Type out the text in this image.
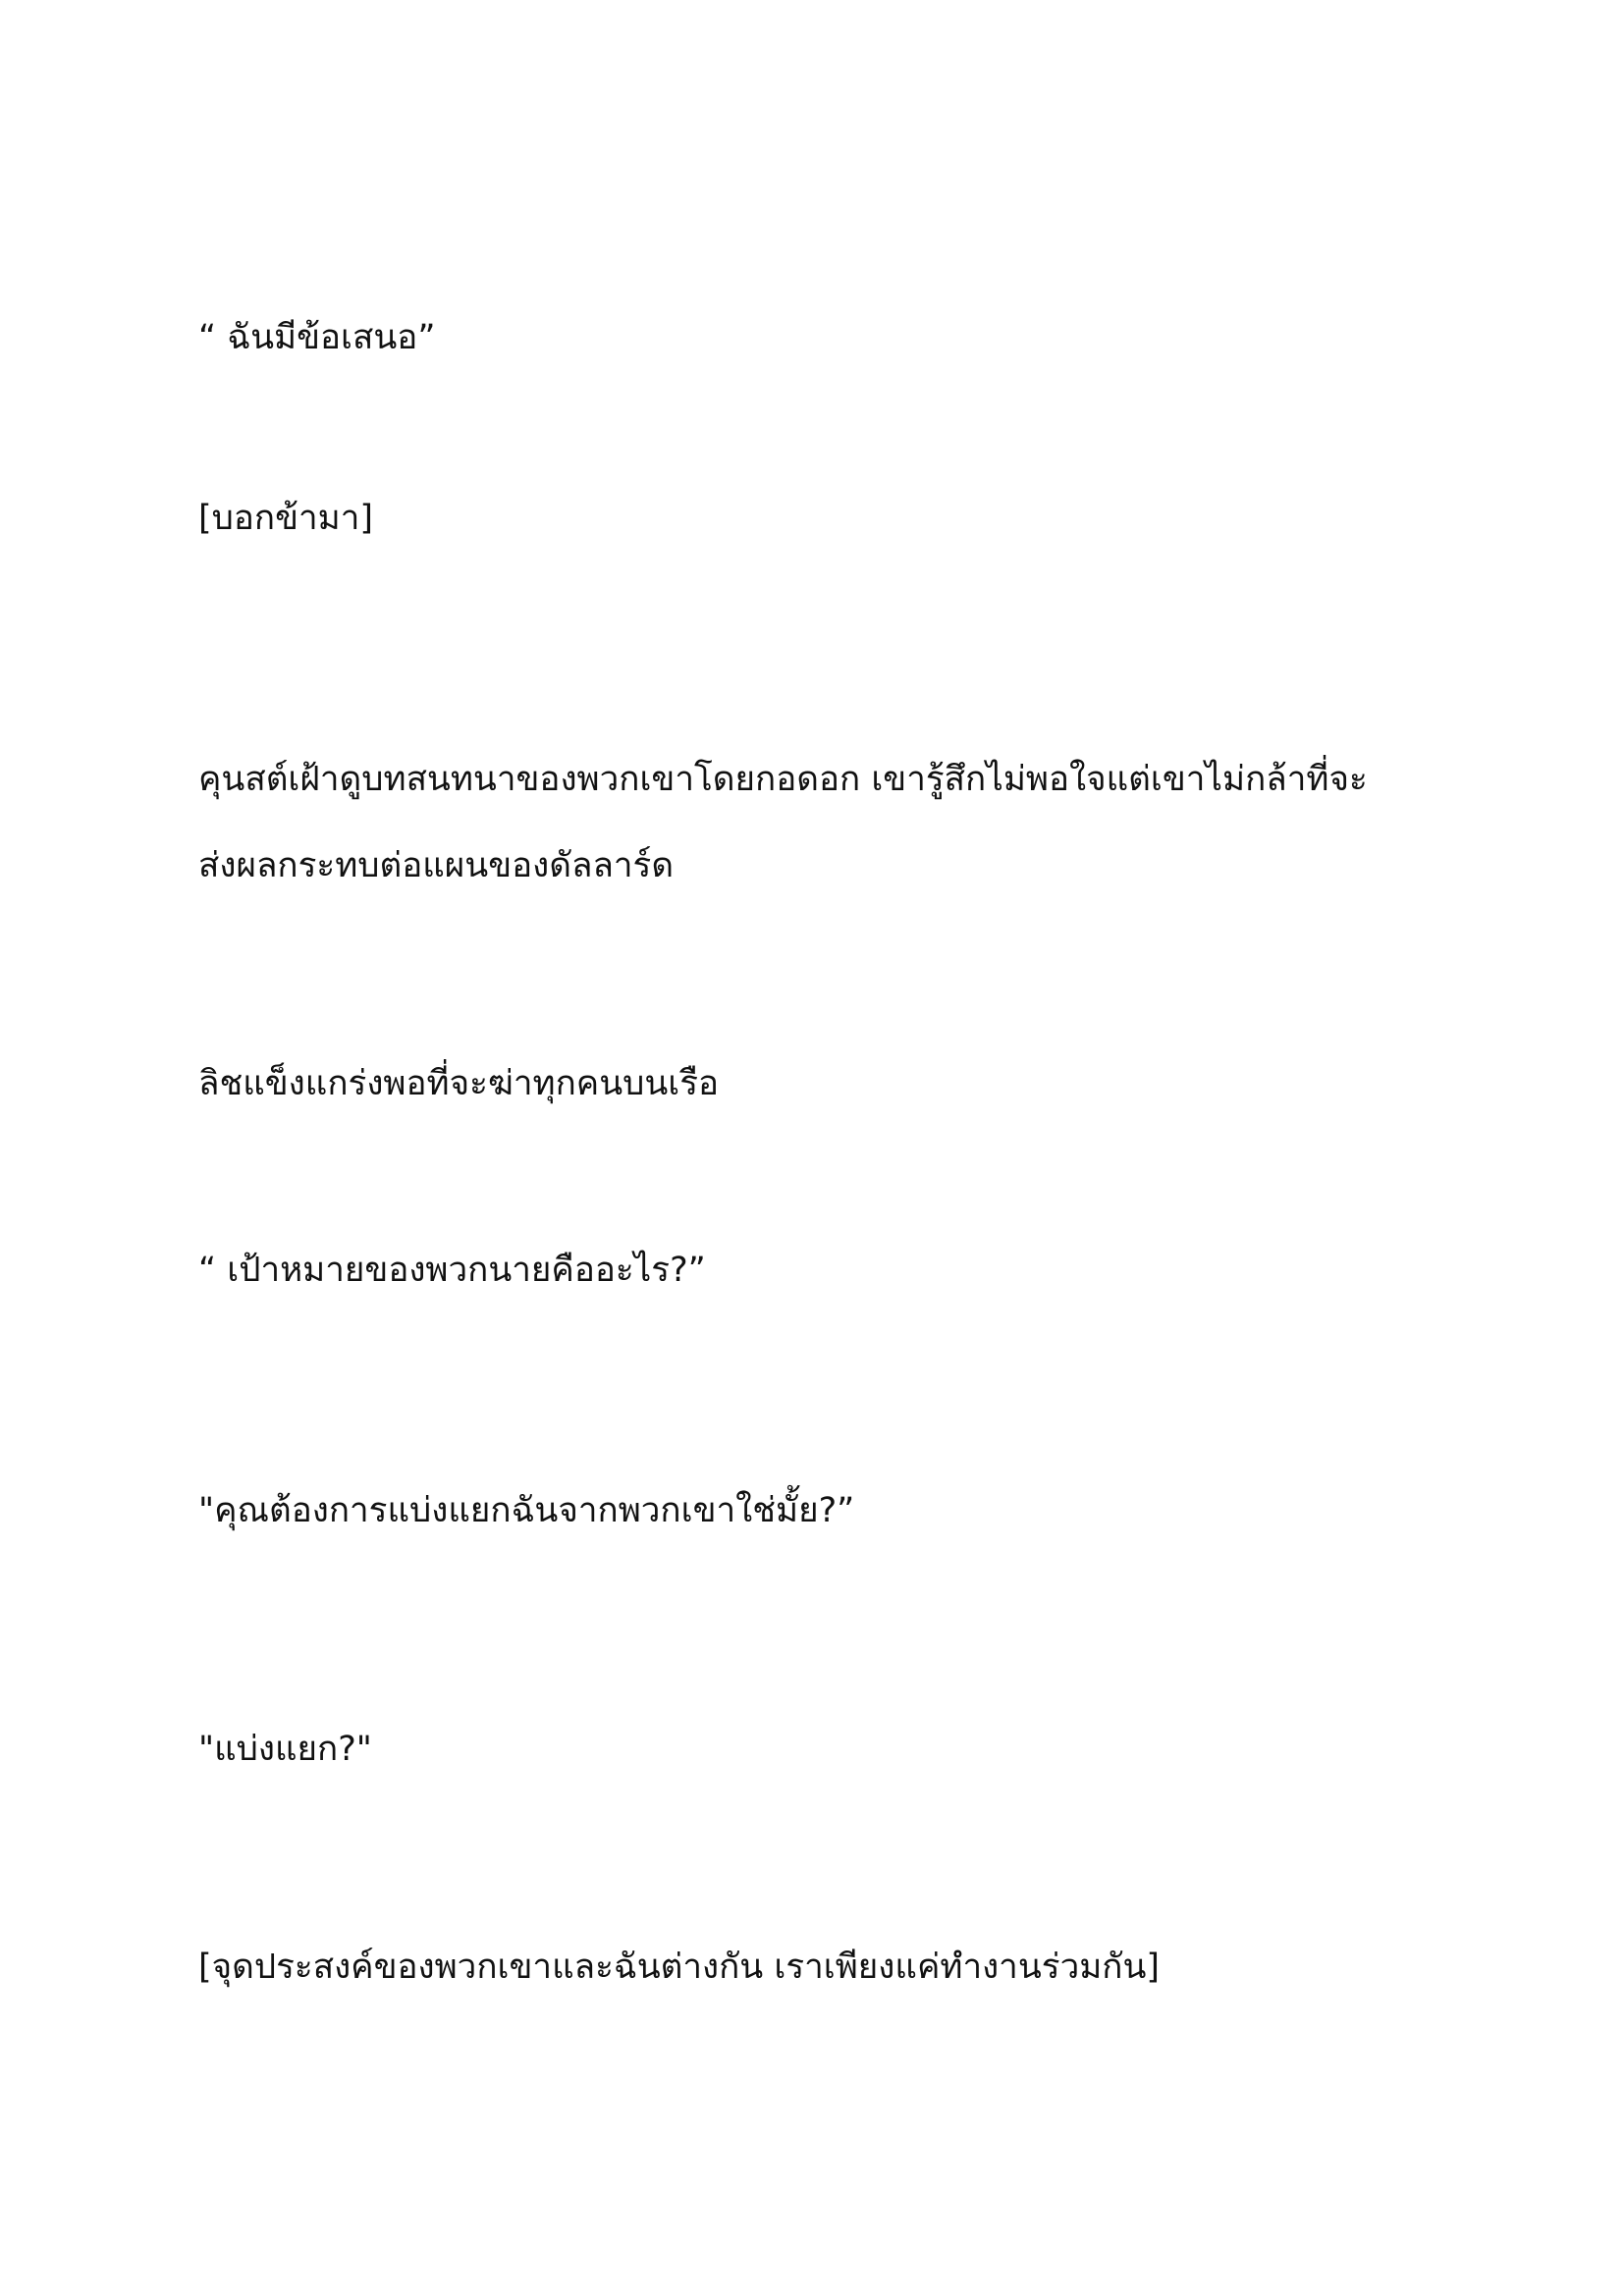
“ ฉันมีข้อเสนอ”

[บอกข้ามา]

คุนสต์เฝ้าดูบทสนทนาของพวกเขาโดยกอดอก เขารู้สึกไม่พอใจแต่เขาไม่กล้าที่จะ
ส่งผลกระทบต่อแผนของดัลลาร์ด

ลิชแข็งแกร่งพอที่จะฆ่าทุกคนบนเรือ

“ เป้าหมายของพวกนายคืออะไร?”

"คุณต้องการแบ่งแยกฉันจากพวกเขาใช่มั้ย?”

"แบ่งแยก?"

[จุดประสงค์ของพวกเขาและฉันต่างกัน เราเพียงแค่ทำงานร่วมกัน]
